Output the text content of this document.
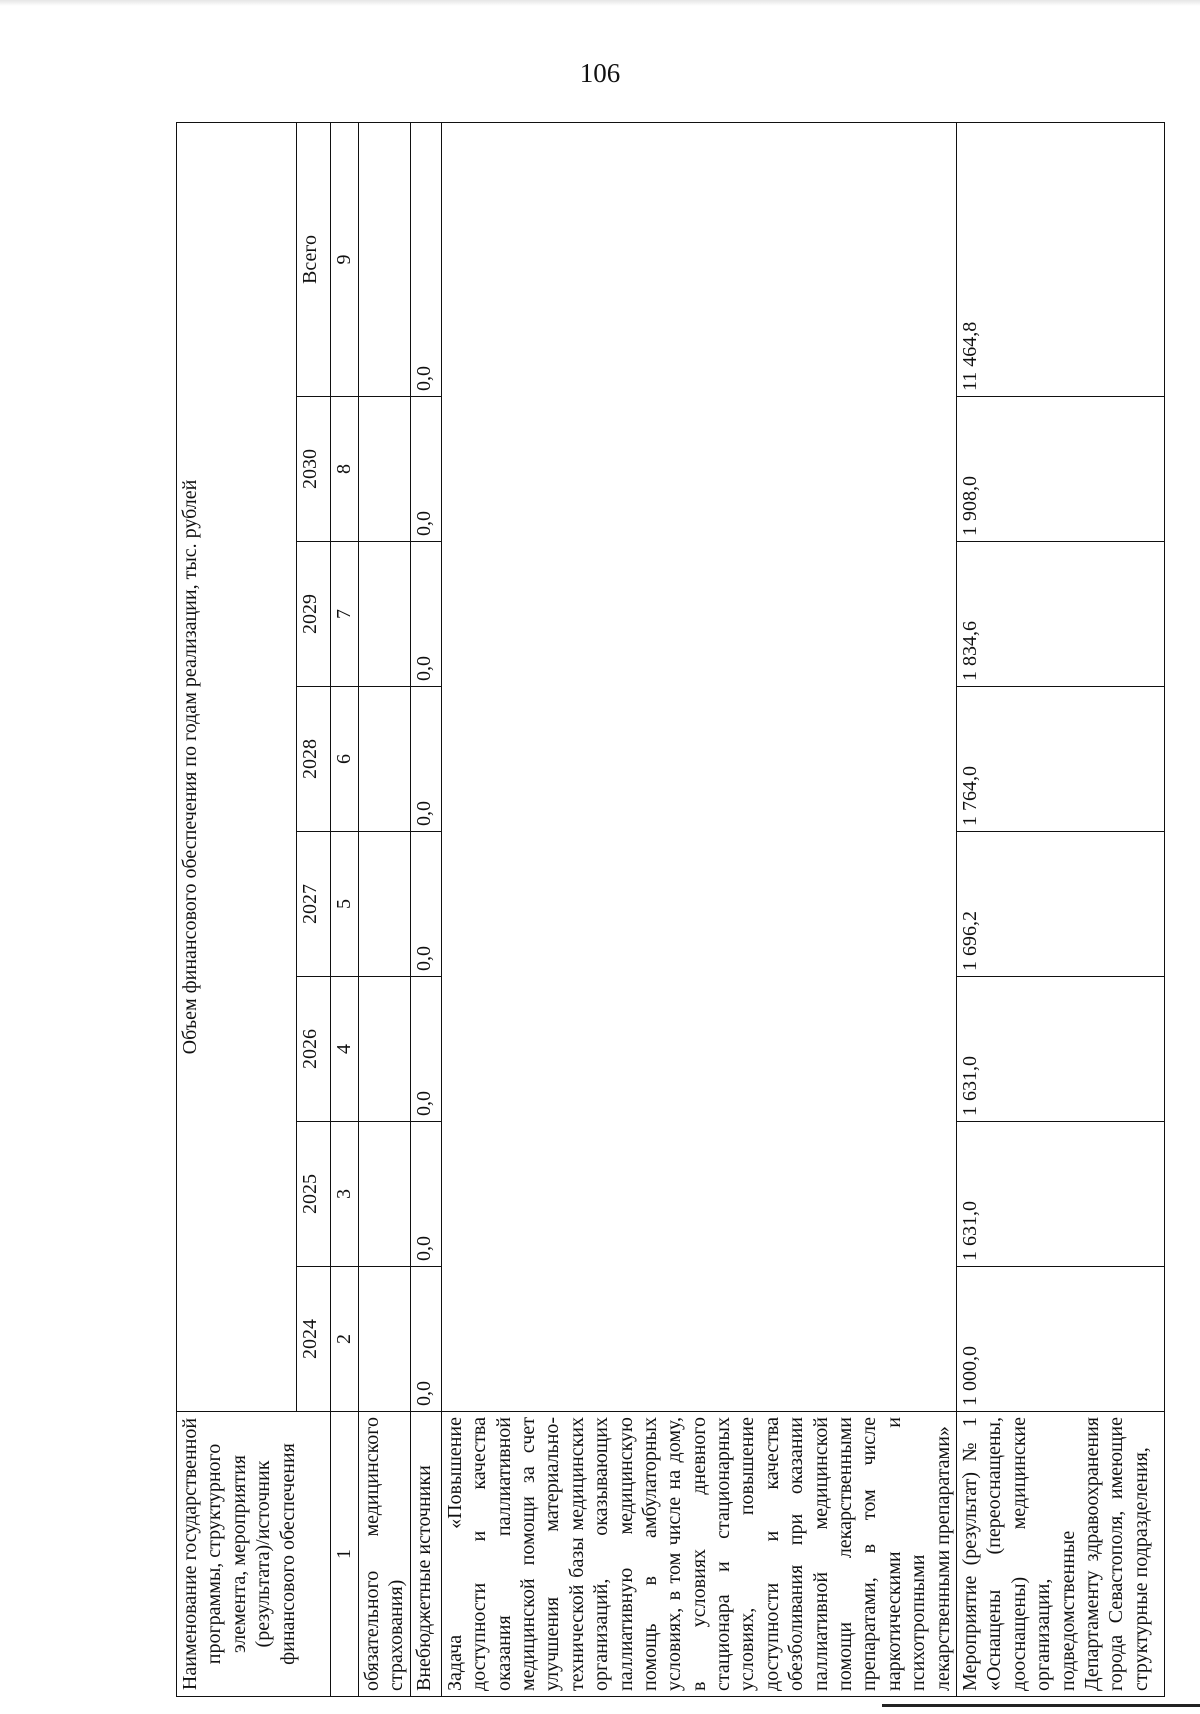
106
Наименование государственной программы, структурного элемента, мероприятия (результата)/источник финансового обеспечения	Объем финансового обеспечения по годам реализации, тыс. рублей							
	2024	2025	2026	2027	2028	2029	2030	Всего
1	2	3	4	5	6	7	8	9
обязательного медицинского страхования)								
Внебюджетные источники	0,0	0,0	0,0	0,0	0,0	0,0	0,0	0,0
Задача «Повышение доступности и качества оказания паллиативной медицинской помощи за счет улучшения материально-технической базы медицинских организаций, оказывающих паллиативную медицинскую помощь в амбулаторных условиях, в том числе на дому, в условиях дневного стационара и стационарных условиях, повышение доступности и качества обезболивания при оказании паллиативной медицинской помощи лекарственными препаратами, в том числе наркотическими и психотропными лекарственными препаратами»								
Мероприятие (результат) № 1 «Оснащены (переоснащены, дооснащены) медицинские организации, подведомственные Департаменту здравоохранения города Севастополя, имеющие структурные подразделения,	1 000,0	1 631,0	1 631,0	1 696,2	1 764,0	1 834,6	1 908,0	11 464,8
